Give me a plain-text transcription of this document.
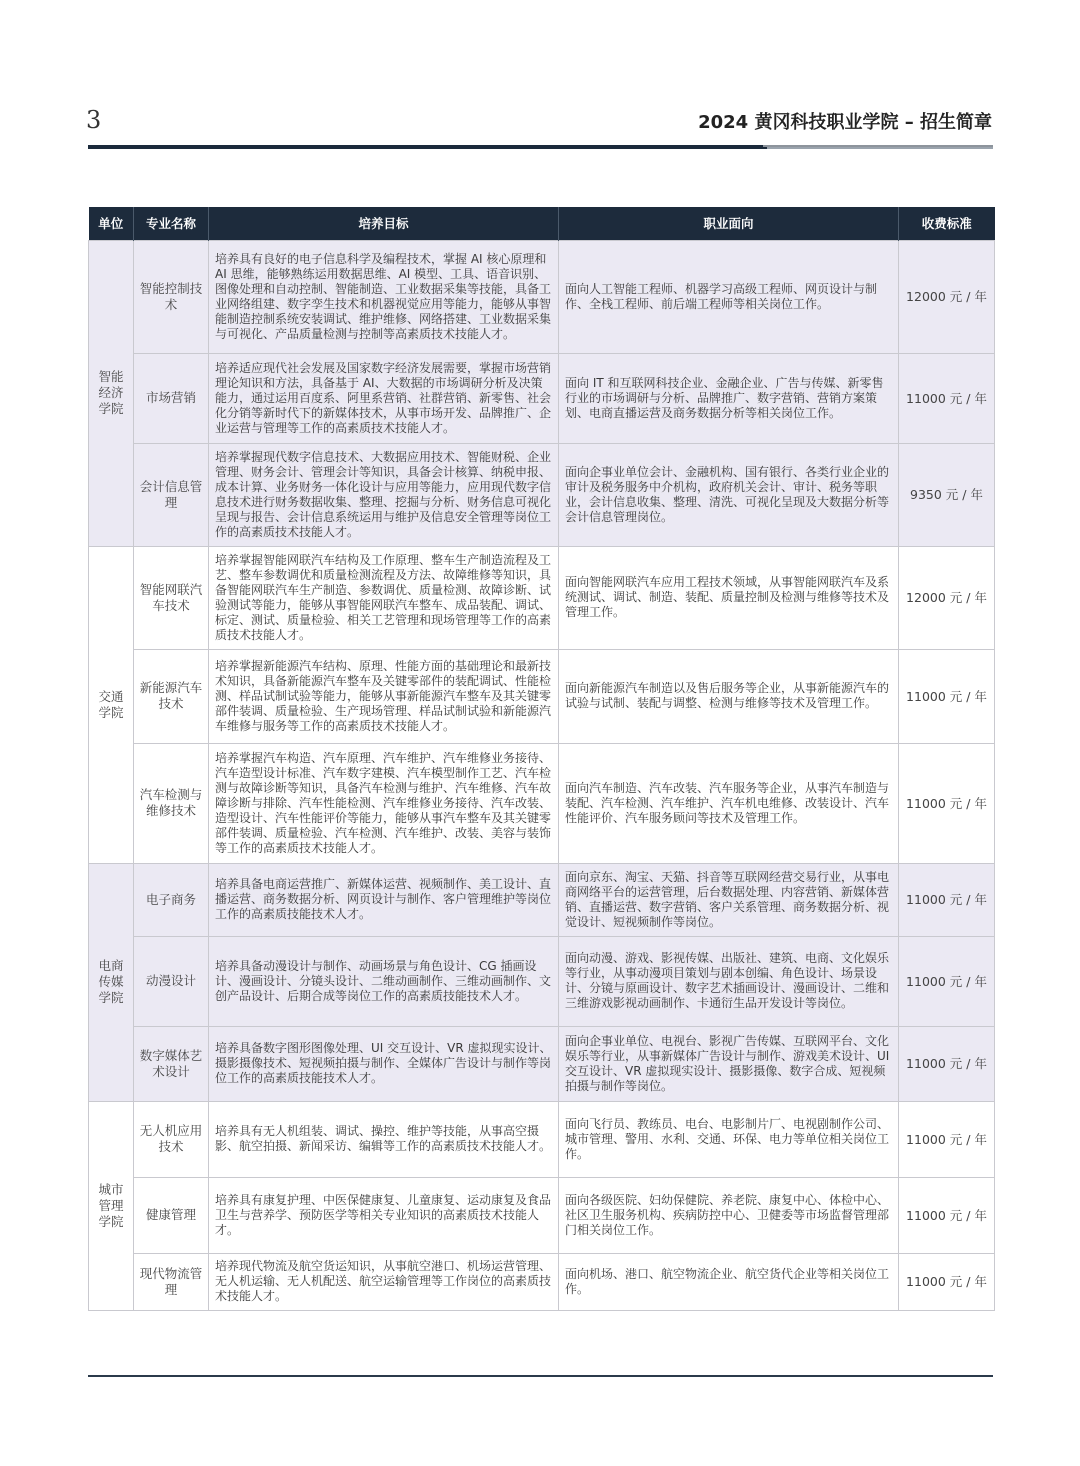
3	2024 黄冈科技职业学院 – 招生简章
单位	专业名称	培养目标	职业面向	收费标准
智能经济学院	智能控制技术	培养具有良好的电子信息科学及编程技术，掌握 AI 核心原理和 AI 思维，能够熟练运用数据思维、AI 模型、工具、语音识别、图像处理和自动控制、智能制造、工业数据采集等技能，具备工业网络组建、数字孪生技术和机器视觉应用等能力，能够从事智能制造控制系统安装调试、维护维修、网络搭建、工业数据采集与可视化、产品质量检测与控制等高素质技术技能人才。	面向人工智能工程师、机器学习高级工程师、网页设计与制作、全栈工程师、前后端工程师等相关岗位工作。	12000 元 / 年
	市场营销	培养适应现代社会发展及国家数字经济发展需要，掌握市场营销理论知识和方法，具备基于 AI、大数据的市场调研分析及决策能力，通过运用百度系、阿里系营销、社群营销、新零售、社会化分销等新时代下的新媒体技术，从事市场开发、品牌推广、企业运营与管理等工作的高素质技术技能人才。	面向 IT 和互联网科技企业、金融企业、广告与传媒、新零售行业的市场调研与分析、品牌推广、数字营销、营销方案策划、电商直播运营及商务数据分析等相关岗位工作。	11000 元 / 年
	会计信息管理	培养掌握现代数字信息技术、大数据应用技术、智能财税、企业管理、财务会计、管理会计等知识，具备会计核算、纳税申报、成本计算、业务财务一体化设计与应用等能力，应用现代数字信息技术进行财务数据收集、整理、挖掘与分析、财务信息可视化呈现与报告、会计信息系统运用与维护及信息安全管理等岗位工作的高素质技术技能人才。	面向企事业单位会计、金融机构、国有银行、各类行业企业的审计及税务服务中介机构，政府机关会计、审计、税务等职业，会计信息收集、整理、清洗、可视化呈现及大数据分析等会计信息管理岗位。	9350 元 / 年
交通学院	智能网联汽车技术	培养掌握智能网联汽车结构及工作原理、整车生产制造流程及工艺、整车参数调优和质量检测流程及方法、故障维修等知识，具备智能网联汽车生产制造、参数调优、质量检测、故障诊断、试验测试等能力，能够从事智能网联汽车整车、成品装配、调试、标定、测试、质量检验、相关工艺管理和现场管理等工作的高素质技术技能人才。	面向智能网联汽车应用工程技术领域，从事智能网联汽车及系统测试、调试、制造、装配、质量控制及检测与维修等技术及管理工作。	12000 元 / 年
	新能源汽车技术	培养掌握新能源汽车结构、原理、性能方面的基础理论和最新技术知识，具备新能源汽车整车及关键零部件的装配调试、性能检测、样品试制试验等能力，能够从事新能源汽车整车及其关键零部件装调、质量检验、生产现场管理、样品试制试验和新能源汽车维修与服务等工作的高素质技术技能人才。	面向新能源汽车制造以及售后服务等企业，从事新能源汽车的试验与试制、装配与调整、检测与维修等技术及管理工作。	11000 元 / 年
	汽车检测与维修技术	培养掌握汽车构造、汽车原理、汽车维护、汽车维修业务接待、汽车造型设计标准、汽车数字建模、汽车模型制作工艺、汽车检测与故障诊断等知识，具备汽车检测与维护、汽车维修、汽车故障诊断与排除、汽车性能检测、汽车维修业务接待、汽车改装、造型设计、汽车性能评价等能力，能够从事汽车整车及其关键零部件装调、质量检验、汽车检测、汽车维护、改装、美容与装饰等工作的高素质技术技能人才。	面向汽车制造、汽车改装、汽车服务等企业，从事汽车制造与装配、汽车检测、汽车维护、汽车机电维修、改装设计、汽车性能评价、汽车服务顾问等技术及管理工作。	11000 元 / 年
电商传媒学院	电子商务	培养具备电商运营推广、新媒体运营、视频制作、美工设计、直播运营、商务数据分析、网页设计与制作、客户管理维护等岗位工作的高素质技能技术人才。	面向京东、淘宝、天猫、抖音等互联网经营交易行业，从事电商网络平台的运营管理，后台数据处理、内容营销、新媒体营销、直播运营、数字营销、客户关系管理、商务数据分析、视觉设计、短视频制作等岗位。	11000 元 / 年
	动漫设计	培养具备动漫设计与制作、动画场景与角色设计、CG 插画设计、漫画设计、分镜头设计、二维动画制作、三维动画制作、文创产品设计、后期合成等岗位工作的高素质技能技术人才。	面向动漫、游戏、影视传媒、出版社、建筑、电商、文化娱乐等行业，从事动漫项目策划与剧本创编、角色设计、场景设计、分镜与原画设计、数字艺术插画设计、漫画设计、二维和三维游戏影视动画制作、卡通衍生品开发设计等岗位。	11000 元 / 年
	数字媒体艺术设计	培养具备数字图形图像处理、UI 交互设计、VR 虚拟现实设计、摄影摄像技术、短视频拍摄与制作、全媒体广告设计与制作等岗位工作的高素质技能技术人才。	面向企事业单位、电视台、影视广告传媒、互联网平台、文化娱乐等行业，从事新媒体广告设计与制作、游戏美术设计、UI 交互设计、VR 虚拟现实设计、摄影摄像、数字合成、短视频拍摄与制作等岗位。	11000 元 / 年
城市管理学院	无人机应用技术	培养具有无人机组装、调试、操控、维护等技能，从事高空摄影、航空拍摄、新闻采访、编辑等工作的高素质技术技能人才。	面向飞行员、教练员、电台、电影制片厂、电视剧制作公司、城市管理、警用、水利、交通、环保、电力等单位相关岗位工作。	11000 元 / 年
	健康管理	培养具有康复护理、中医保健康复、儿童康复、运动康复及食品卫生与营养学、预防医学等相关专业知识的高素质技术技能人才。	面向各级医院、妇幼保健院、养老院、康复中心、体检中心、社区卫生服务机构、疾病防控中心、卫健委等市场监督管理部门相关岗位工作。	11000 元 / 年
	现代物流管理	培养现代物流及航空货运知识，从事航空港口、机场运营管理、无人机运输、无人机配送、航空运输管理等工作岗位的高素质技术技能人才。	面向机场、港口、航空物流企业、航空货代企业等相关岗位工作。	11000 元 / 年
